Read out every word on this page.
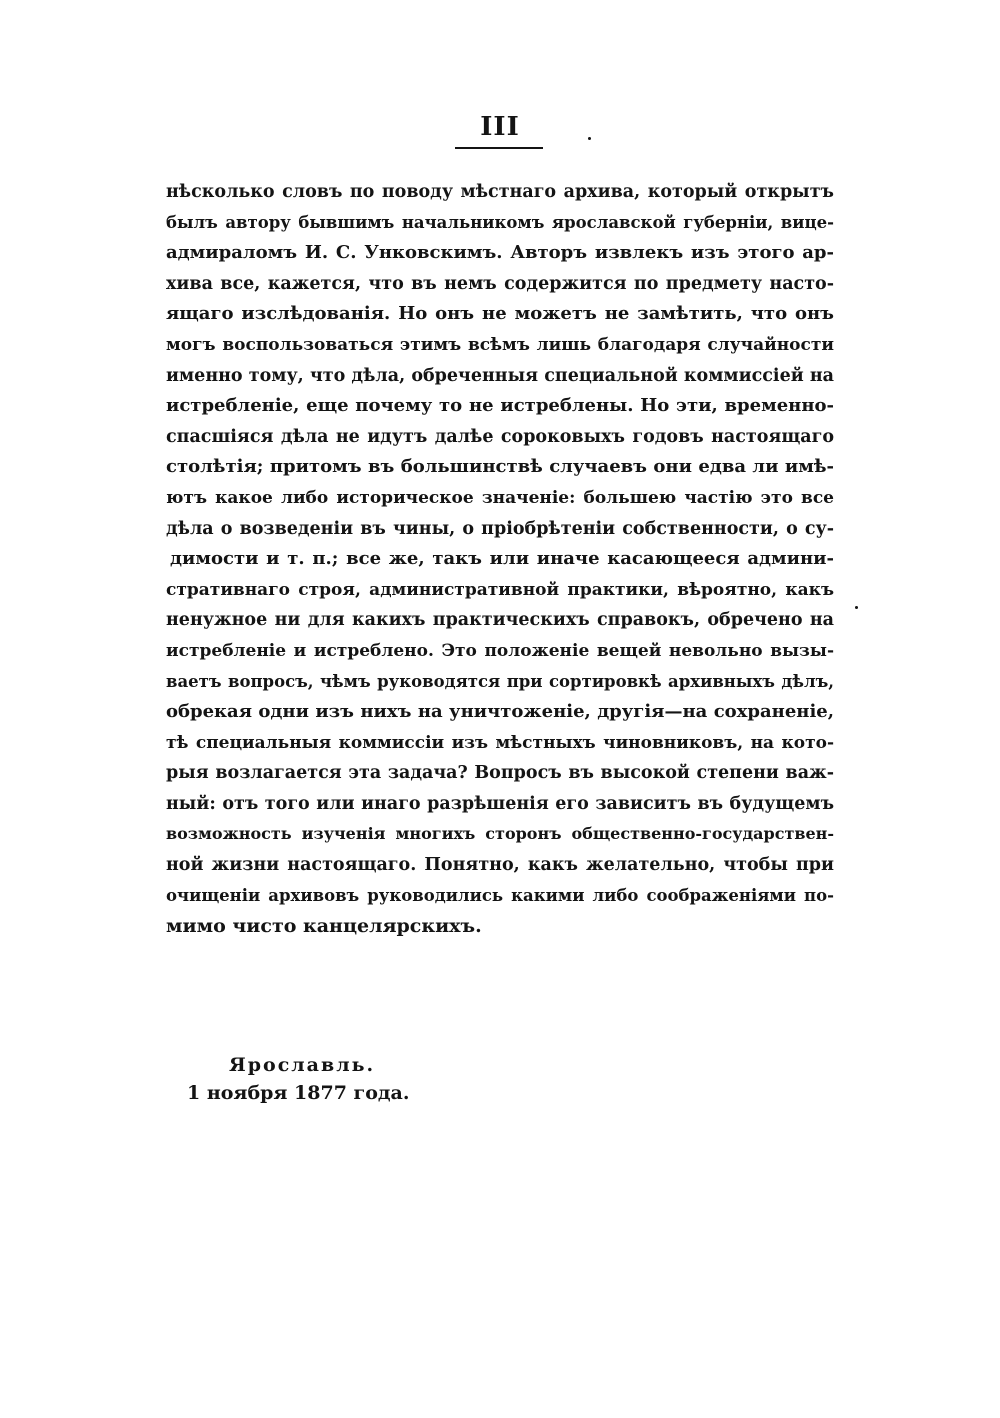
III
нѣсколько словъ по поводу мѣстнаго архива, который открытъ
былъ автору бывшимъ начальникомъ ярославской губерніи, вице-
адмираломъ И. С. Унковскимъ. Авторъ извлекъ изъ этого ар-
хива все, кажется, что въ немъ содержится по предмету насто-
ящаго изслѣдованія. Но онъ не можетъ не замѣтить, что онъ
могъ воспользоваться этимъ всѣмъ лишь благодаря случайности
именно тому, что дѣла, обреченныя специальной коммиссіей на
истребленіе, еще почему то не истреблены. Но эти, временно-
спасшіяся дѣла не идутъ далѣе сороковыхъ годовъ настоящаго
столѣтія; притомъ въ большинствѣ случаевъ они едва ли имѣ-
ютъ какое либо историческое значеніе: большею частію это все
дѣла о возведеніи въ чины, о пріобрѣтеніи собственности, о су-
димости и т. п.; все же, такъ или иначе касающееся админи-
стративнаго строя, административной практики, вѣроятно, какъ
ненужное ни для какихъ практическихъ справокъ, обречено на
истребленіе и истреблено. Это положеніе вещей невольно вызы-
ваетъ вопросъ, чѣмъ руководятся при сортировкѣ архивныхъ дѣлъ,
обрекая одни изъ нихъ на уничтоженіе, другія—на сохраненіе,
тѣ специальныя коммиссіи изъ мѣстныхъ чиновниковъ, на кото-
рыя возлагается эта задача? Вопросъ въ высокой степени важ-
ный: отъ того или инаго разрѣшенія его зависитъ въ будущемъ
возможность изученія многихъ сторонъ общественно-государствен-
ной жизни настоящаго. Понятно, какъ желательно, чтобы при
очищеніи архивовъ руководились какими либо соображеніями по-
мимо чисто канцелярскихъ.
Ярославль.
1 ноября 1877 года.
